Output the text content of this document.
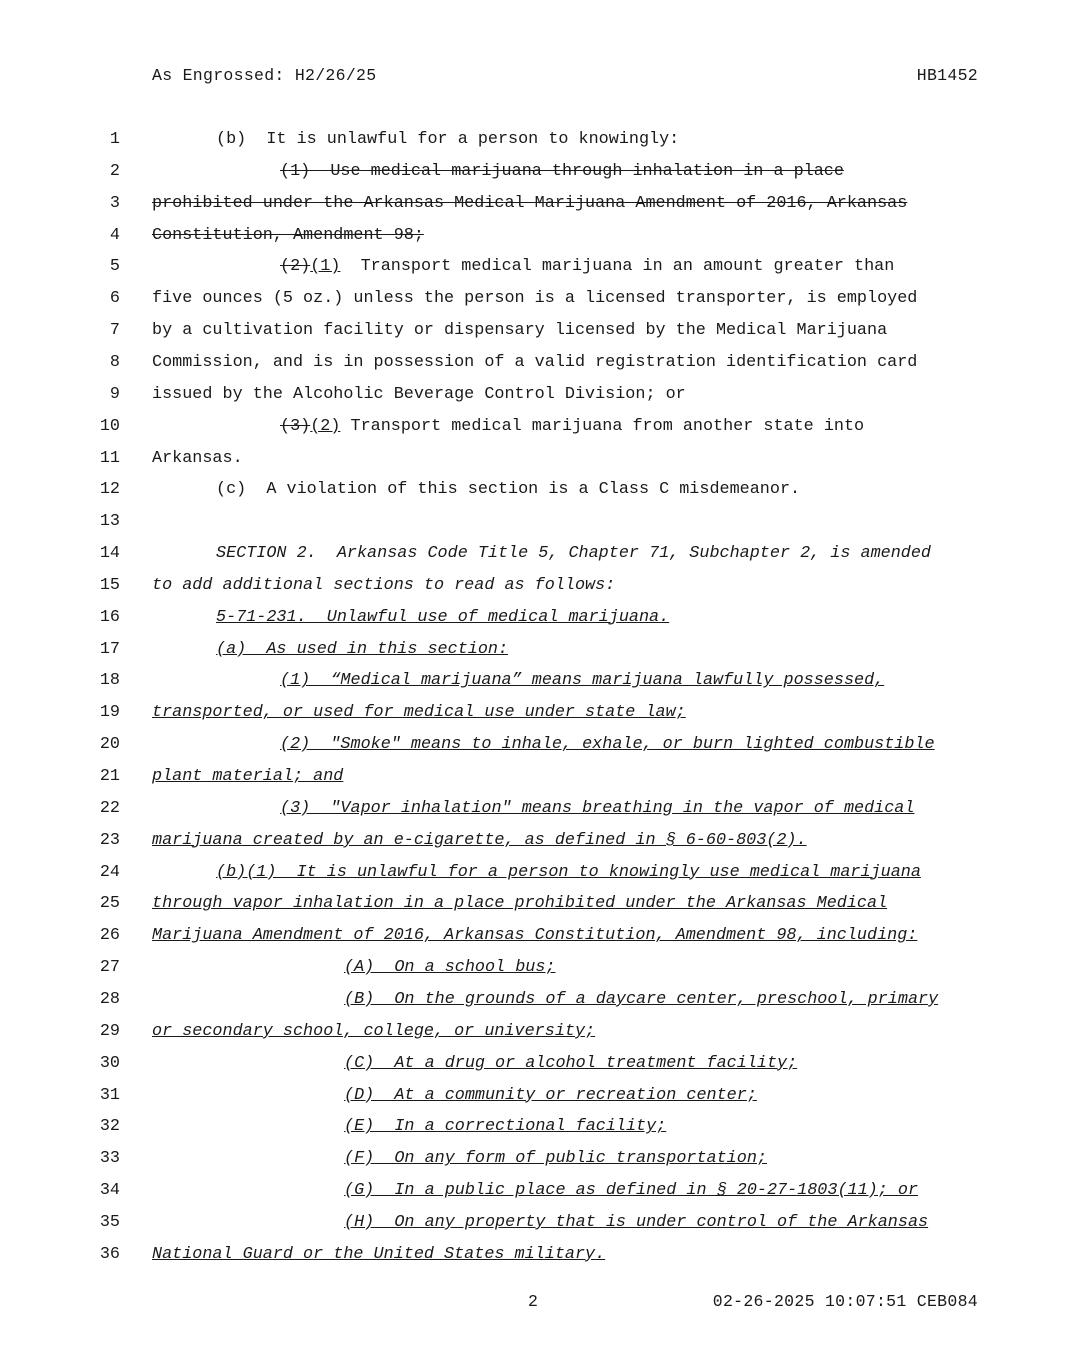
As Engrossed: H2/26/25	HB1452
1	(b)  It is unlawful for a person to knowingly:
2	(1)  Use medical marijuana through inhalation in a place
3 prohibited under the Arkansas Medical Marijuana Amendment of 2016, Arkansas
4 Constitution, Amendment 98;
5	(2)(1)  Transport medical marijuana in an amount greater than
6 five ounces (5 oz.) unless the person is a licensed transporter, is employed
7 by a cultivation facility or dispensary licensed by the Medical Marijuana
8 Commission, and is in possession of a valid registration identification card
9 issued by the Alcoholic Beverage Control Division; or
10	(3)(2) Transport medical marijuana from another state into
11 Arkansas.
12	(c)  A violation of this section is a Class C misdemeanor.
13
14	SECTION 2.  Arkansas Code Title 5, Chapter 71, Subchapter 2, is amended
15 to add additional sections to read as follows:
16	5-71-231.  Unlawful use of medical marijuana.
17	(a)  As used in this section:
18	(1)  “Medical marijuana” means marijuana lawfully possessed,
19 transported, or used for medical use under state law;
20	(2)  "Smoke" means to inhale, exhale, or burn lighted combustible
21 plant material; and
22	(3)  "Vapor inhalation" means breathing in the vapor of medical
23 marijuana created by an e-cigarette, as defined in § 6-60-803(2).
24	(b)(1)  It is unlawful for a person to knowingly use medical marijuana
25 through vapor inhalation in a place prohibited under the Arkansas Medical
26 Marijuana Amendment of 2016, Arkansas Constitution, Amendment 98, including:
27	(A)  On a school bus;
28	(B)  On the grounds of a daycare center, preschool, primary
29 or secondary school, college, or university;
30	(C)  At a drug or alcohol treatment facility;
31	(D)  At a community or recreation center;
32	(E)  In a correctional facility;
33	(F)  On any form of public transportation;
34	(G)  In a public place as defined in § 20-27-1803(11); or
35	(H)  On any property that is under control of the Arkansas
36 National Guard or the United States military.
2	02-26-2025 10:07:51 CEB084
